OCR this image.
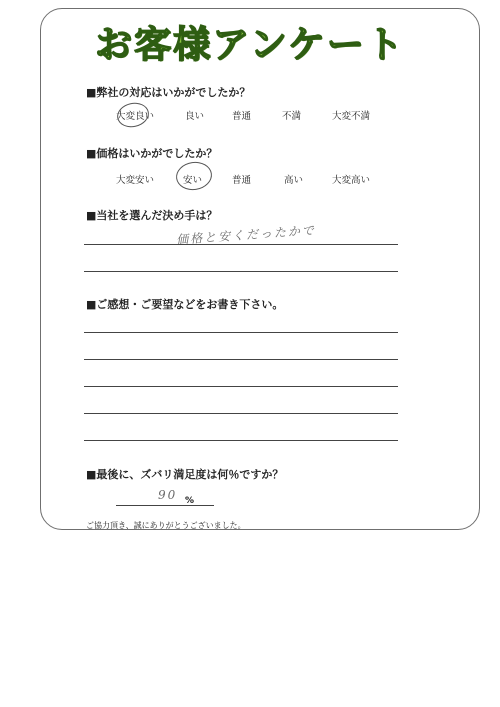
お客様アンケート
■弊社の対応はいかがでしたか？
大変良い	良い	普通	不満	大変不満
■価格はいかがでしたか？
大変安い	安い	普通	高い	大変高い
■当社を選んだ決め手は？
価格と安くだったかで
■ご感想・ご要望などをお書き下さい。
■最後に、ズバリ満足度は何％ですか？
90 %
ご協力頂き、誠にありがとうございました。
